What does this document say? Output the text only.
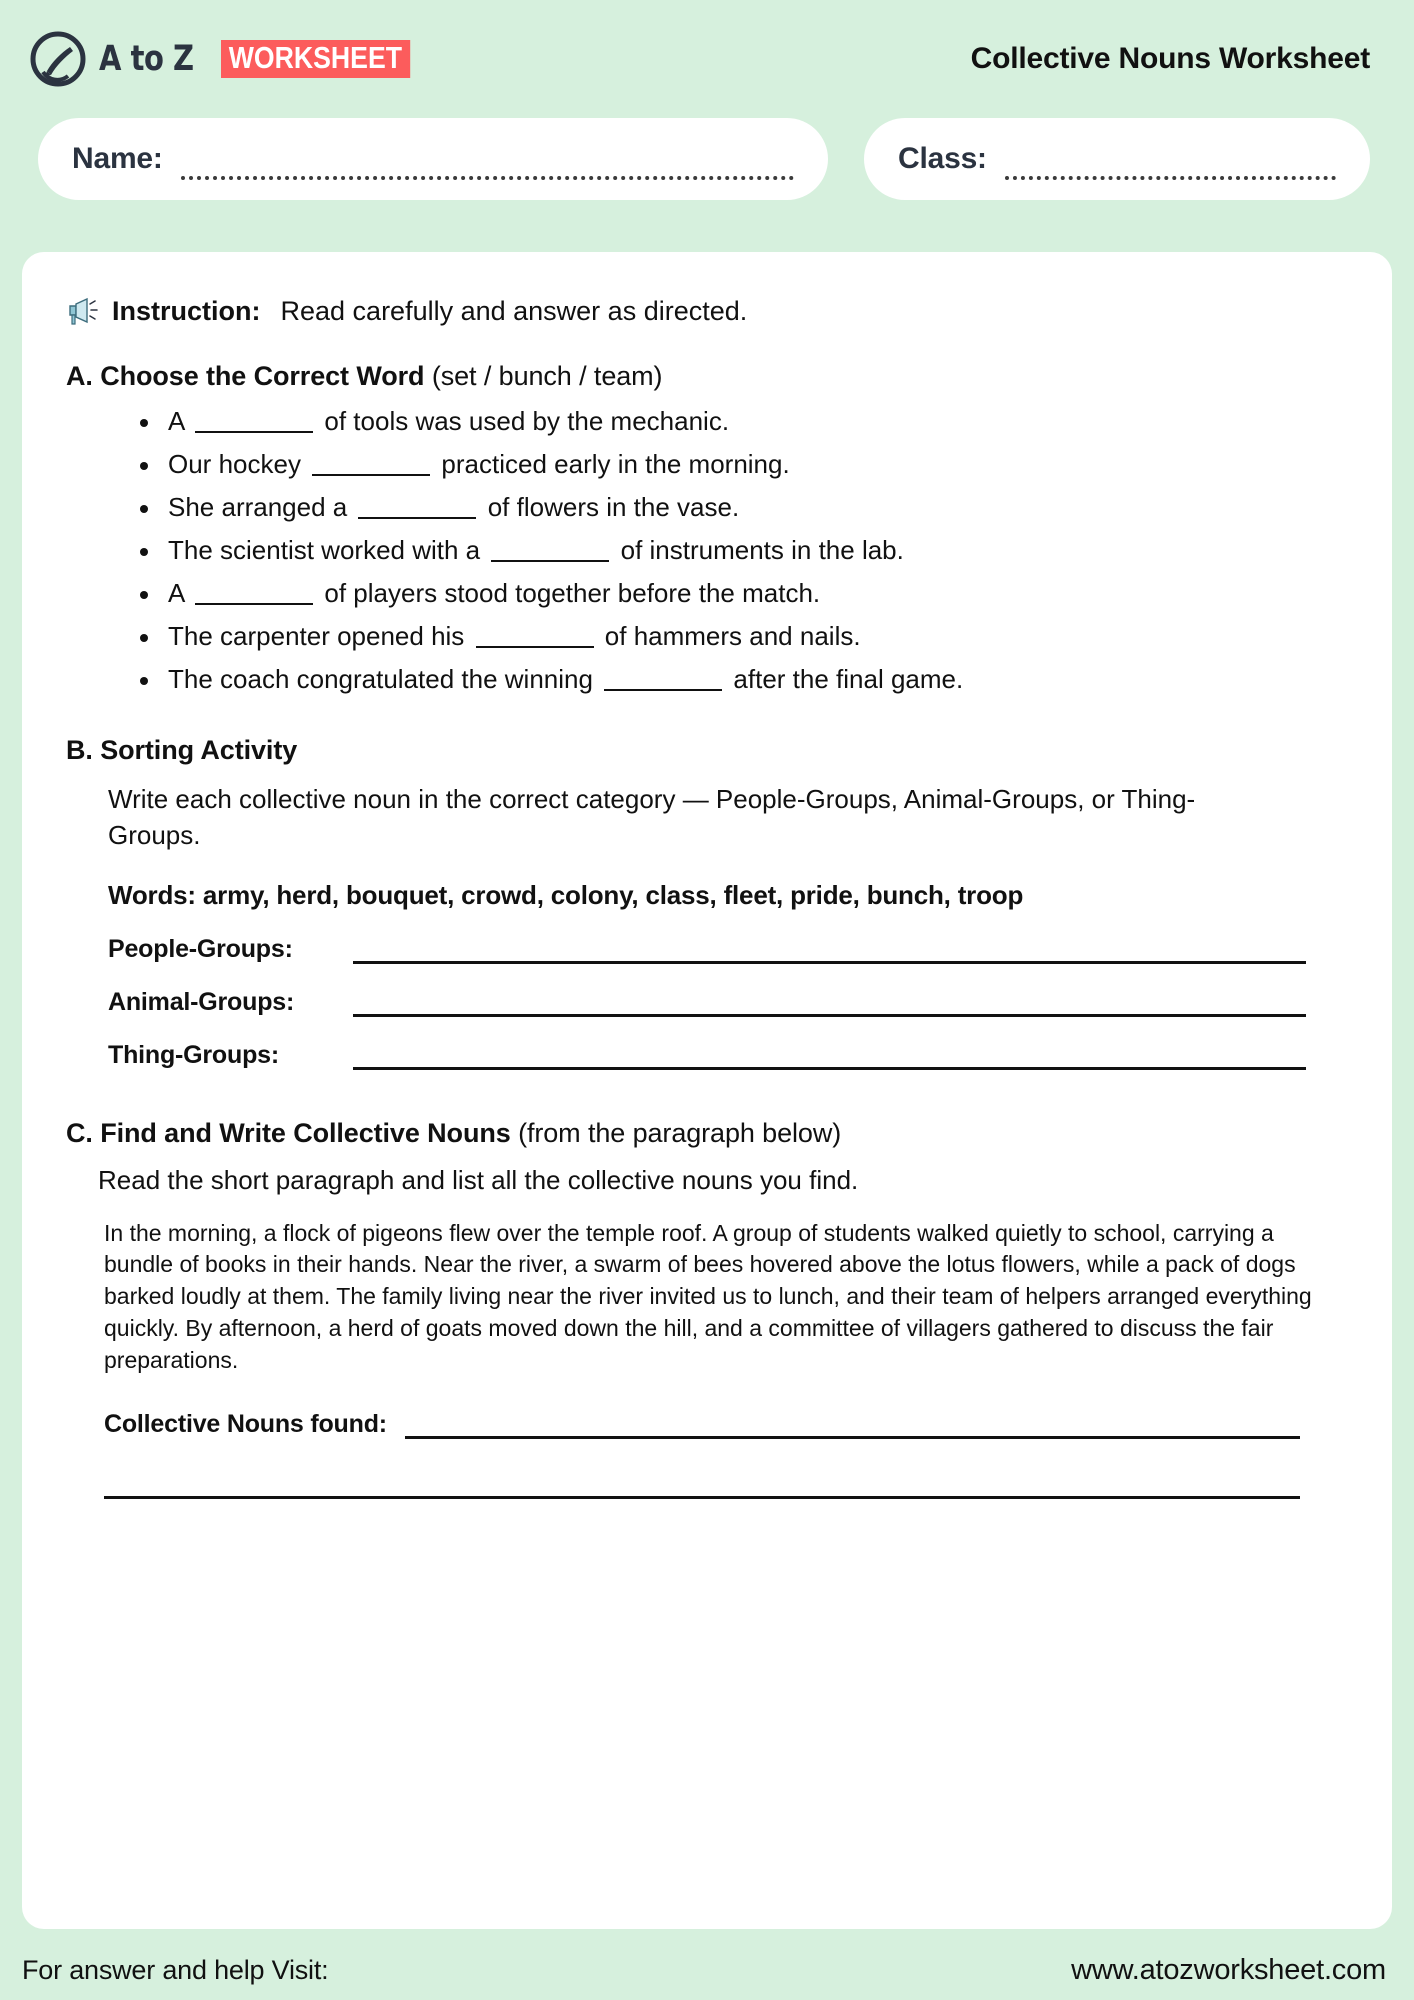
A to Z WORKSHEET	Collective Nouns Worksheet
Name:	Class:
Instruction: Read carefully and answer as directed.
A. Choose the Correct Word (set / bunch / team)
A	of tools was used by the mechanic.
Our hockey	practiced early in the morning.
She arranged a	of flowers in the vase.
The scientist worked with a	of instruments in the lab.
A	of players stood together before the match.
The carpenter opened his	of hammers and nails.
The coach congratulated the winning	after the final game.
B. Sorting Activity

Write each collective noun in the correct category — People-Groups, Animal-Groups, or Thing-Groups.

Words: army, herd, bouquet, crowd, colony, class, fleet, pride, bunch, troop
People-Groups:
Animal-Groups:
Thing-Groups:
C. Find and Write Collective Nouns (from the paragraph below)

Read the short paragraph and list all the collective nouns you find.

In the morning, a flock of pigeons flew over the temple roof. A group of students walked quietly to school, carrying a bundle of books in their hands. Near the river, a swarm of bees hovered above the lotus flowers, while a pack of dogs barked loudly at them. The family living near the river invited us to lunch, and their team of helpers arranged everything quickly. By afternoon, a herd of goats moved down the hill, and a committee of villagers gathered to discuss the fair preparations.

Collective Nouns found:
For answer and help Visit:	www.atozworksheet.com
